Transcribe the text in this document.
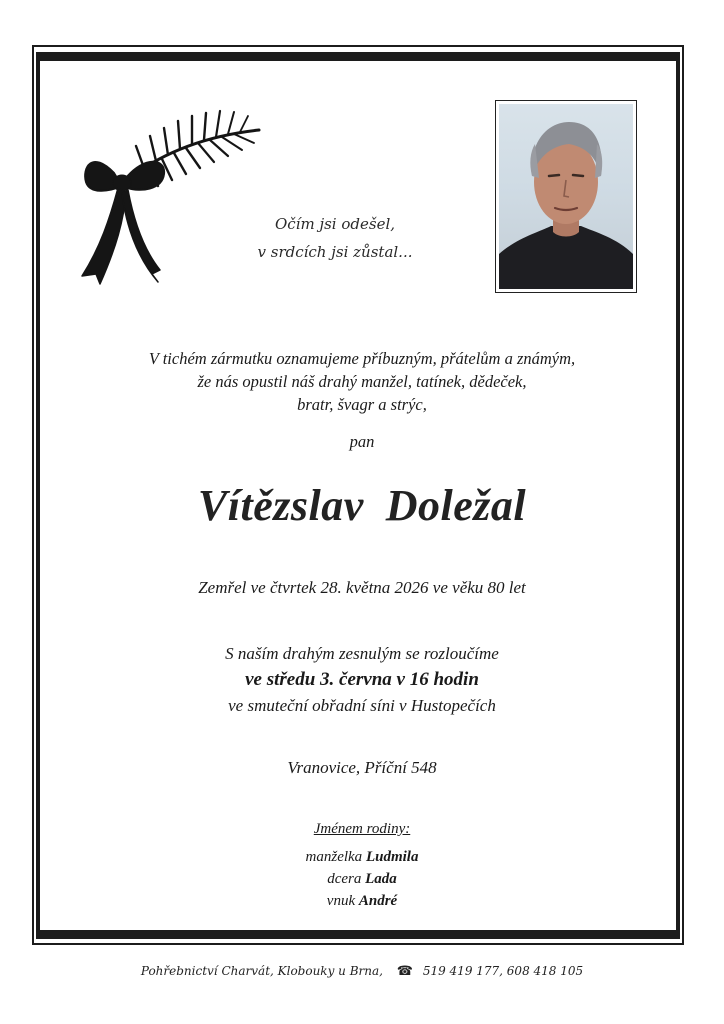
Očím jsi odešel,
v srdcích jsi zůstal...
V tichém zármutku oznamujeme příbuzným, přátelům a známým,
že nás opustil náš drahý manžel, tatínek, dědeček,
bratr, švagr a strýc,
pan
Vítězslav Doležal
Zemřel ve čtvrtek 28. května 2026 ve věku 80 let
S naším drahým zesnulým se rozloučíme
ve středu 3. června v 16 hodin
ve smuteční obřadní síni v Hustopečích
Vranovice, Příční 548
Jménem rodiny:
manželka Ludmila
dcera Lada
vnuk André
Pohřebnictví Charvát, Klobouky u Brna, ☎ 519 419 177, 608 418 105
